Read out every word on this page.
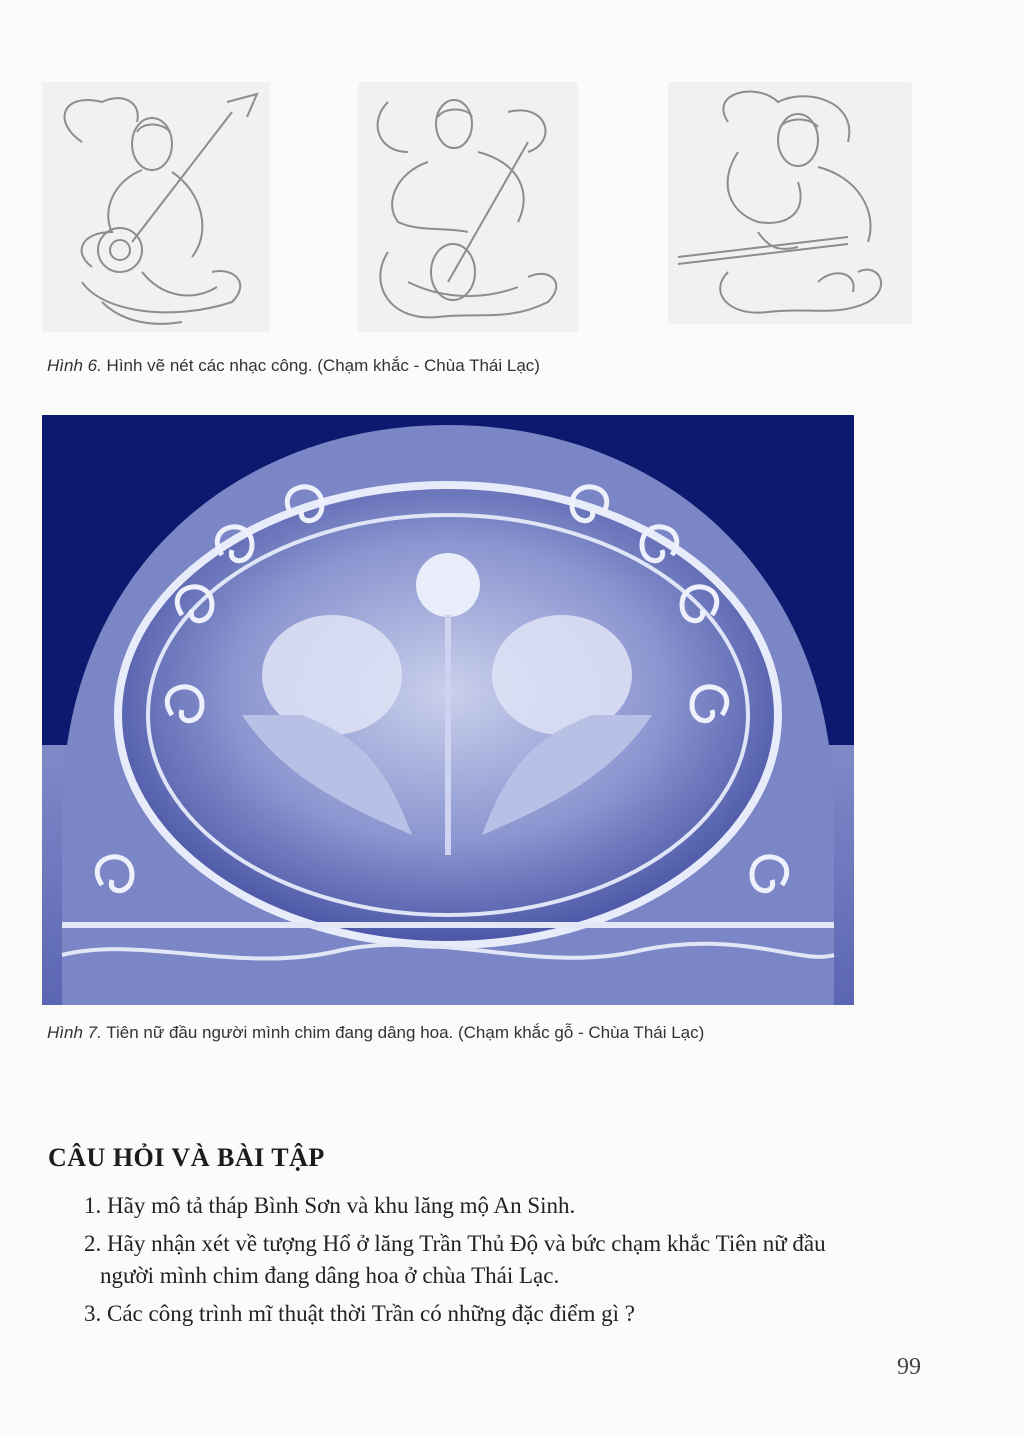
Hình 6. Hình vẽ nét các nhạc công. (Chạm khắc - Chùa Thái Lạc)
Hình 7. Tiên nữ đầu người mình chim đang dâng hoa. (Chạm khắc gỗ - Chùa Thái Lạc)
CÂU HỎI VÀ BÀI TẬP
1. Hãy mô tả tháp Bình Sơn và khu lăng mộ An Sinh.
2. Hãy nhận xét về tượng Hổ ở lăng Trần Thủ Độ và bức chạm khắc Tiên nữ đầu
người mình chim đang dâng hoa ở chùa Thái Lạc.
3. Các công trình mĩ thuật thời Trần có những đặc điểm gì ?
99
